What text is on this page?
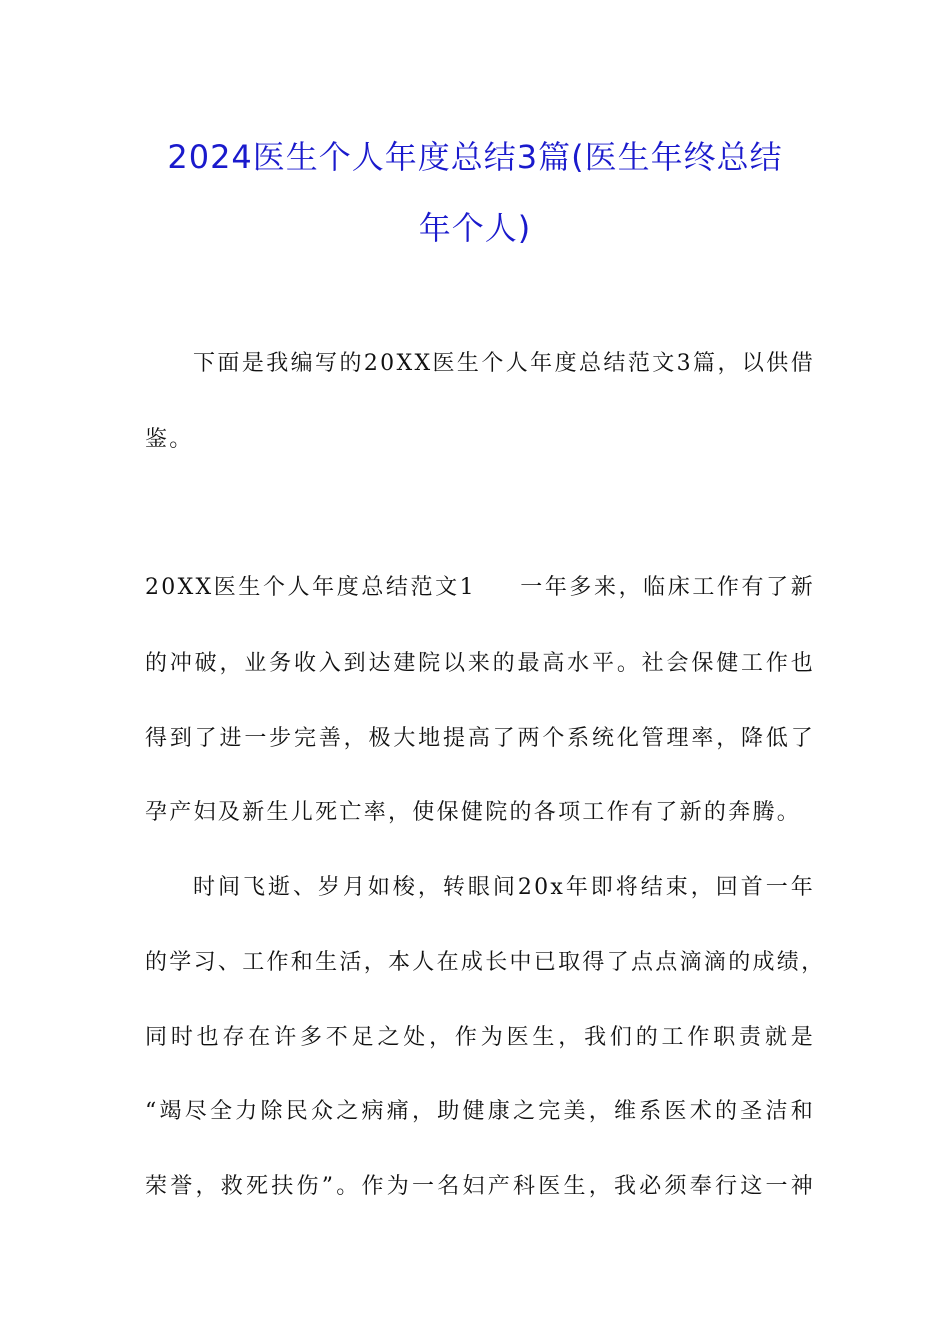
2024医生个人年度总结3篇(医生年终总结
年个人)
下面是我编写的20XX医生个人年度总结范文3篇，以供借
鉴。
20XX医生个人年度总结范文1 一年多来，临床工作有了新
的冲破，业务收入到达建院以来的最高水平。社会保健工作也
得到了进一步完善，极大地提高了两个系统化管理率，降低了
孕产妇及新生儿死亡率，使保健院的各项工作有了新的奔腾。
时间飞逝、岁月如梭，转眼间20x年即将结束，回首一年
的学习、工作和生活，本人在成长中已取得了点点滴滴的成绩，
同时也存在许多不足之处，作为医生，我们的工作职责就是
“竭尽全力除民众之病痛，助健康之完美，维系医术的圣洁和
荣誉，救死扶伤”。作为一名妇产科医生，我必须奉行这一神
